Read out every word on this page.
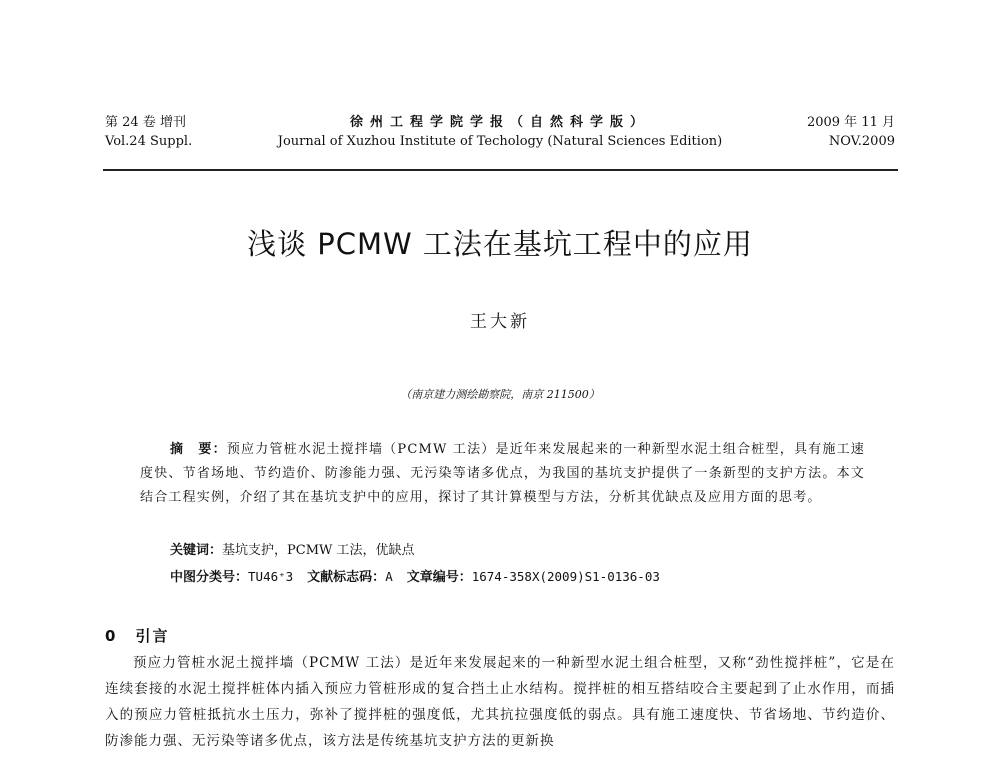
第 24 卷 增刊
Vol.24 Suppl.
徐州工程学院学报（自然科学版）
Journal of Xuzhou Institute of Techology (Natural Sciences Edition)
2009 年 11 月
NOV.2009
浅谈 PCMW 工法在基坑工程中的应用
王大新
（南京建力测绘勘察院，南京 211500）
摘　要：预应力管桩水泥土搅拌墙（PCMW 工法）是近年来发展起来的一种新型水泥土组合桩型，具有施工速度快、节省场地、节约造价、防渗能力强、无污染等诸多优点，为我国的基坑支护提供了一条新型的支护方法。本文结合工程实例，介绍了其在基坑支护中的应用，探讨了其计算模型与方法，分析其优缺点及应用方面的思考。
关键词：基坑支护，PCMW 工法，优缺点
中图分类号：TU46⁺3 文献标志码：A 文章编号：1674-358X(2009)S1-0136-03
0 引言
预应力管桩水泥土搅拌墙（PCMW 工法）是近年来发展起来的一种新型水泥土组合桩型，又称“劲性搅拌桩”，它是在连续套接的水泥土搅拌桩体内插入预应力管桩形成的复合挡土止水结构。搅拌桩的相互搭结咬合主要起到了止水作用，而插入的预应力管桩抵抗水土压力，弥补了搅拌桩的强度低，尤其抗拉强度低的弱点。具有施工速度快、节省场地、节约造价、防渗能力强、无污染等诸多优点，该方法是传统基坑支护方法的更新换
